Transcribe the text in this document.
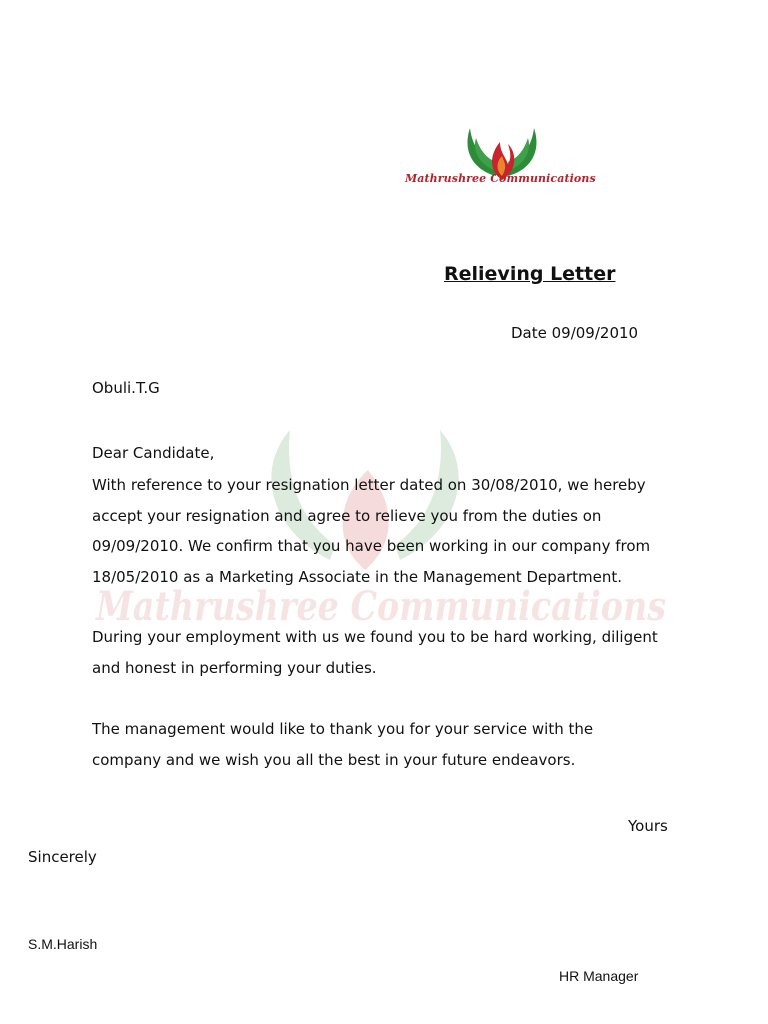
Mathrushree Communications
Mathrushree Communications
Relieving Letter
Date 09/09/2010
Obuli.T.G
Dear Candidate,
With reference to your resignation letter dated on 30/08/2010, we hereby
accept your resignation and agree to relieve you from the duties on
09/09/2010. We confirm that you have been working in our company from
18/05/2010 as a Marketing Associate in the Management Department.
During your employment with us we found you to be hard working, diligent
and honest in performing your duties.
The management would like to thank you for your service with the
company and we wish you all the best in your future endeavors.
Yours
Sincerely
S.M.Harish
HR Manager
